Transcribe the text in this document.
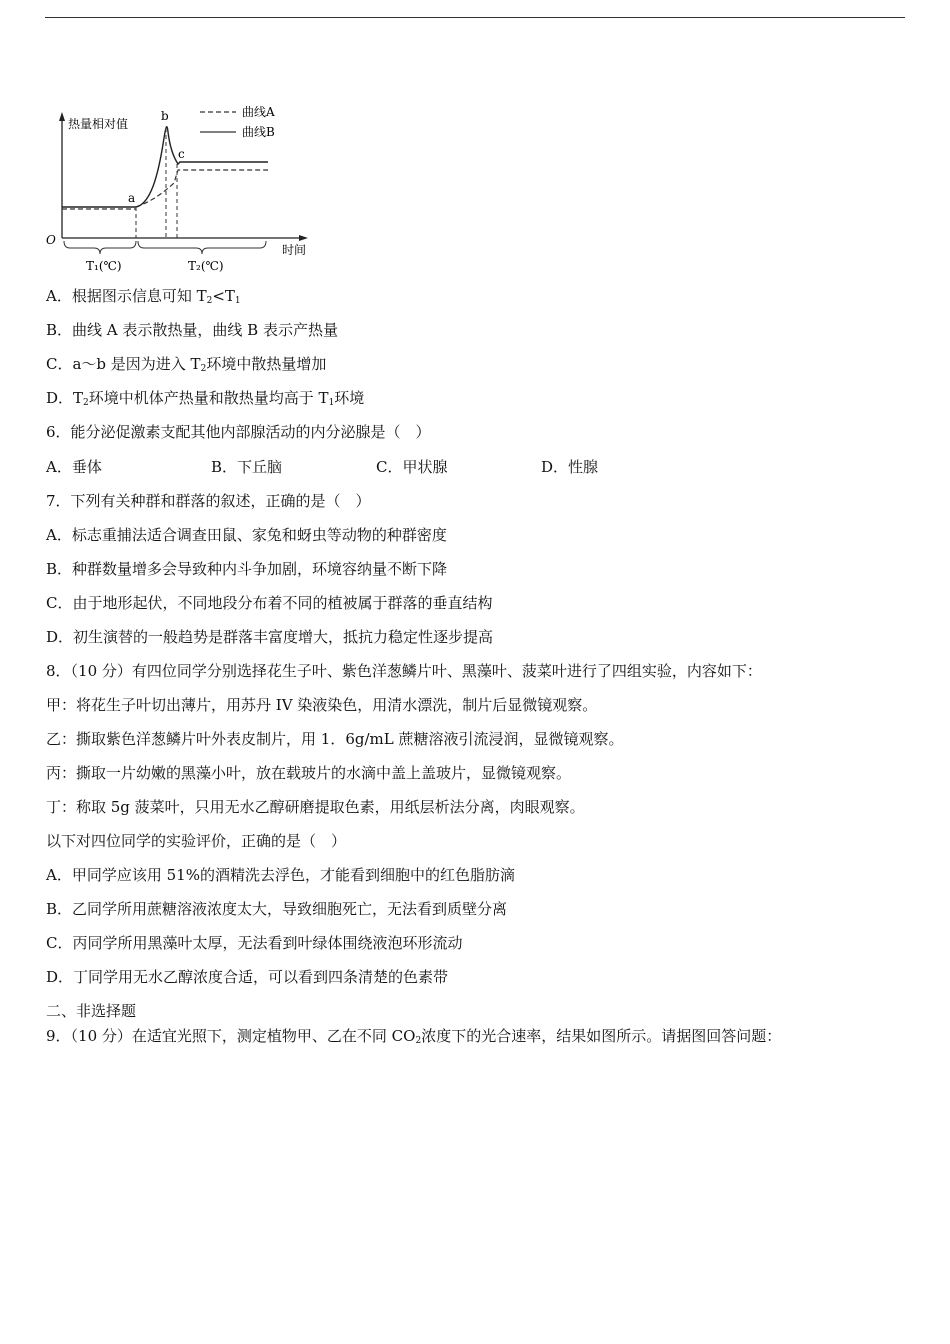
热量相对值
时间
O
曲线A
曲线B
a
b
c
T₁(℃)	T₂(℃)
A．根据图示信息可知 $T_2<T_1$
B．曲线 A 表示散热量，曲线 B 表示产热量
C．a～b 是因为进入 $T_2$环境中散热量增加
D．$T_2$环境中机体产热量和散热量均高于 $T_1$环境
6．能分泌促激素支配其他内部腺活动的内分泌腺是（　）
A．垂体	B．下丘脑	C．甲状腺	D．性腺
7．下列有关种群和群落的叙述，正确的是（　）
A．标志重捕法适合调查田鼠、家兔和蚜虫等动物的种群密度
B．种群数量增多会导致种内斗争加剧，环境容纳量不断下降
C．由于地形起伏，不同地段分布着不同的植被属于群落的垂直结构
D．初生演替的一般趋势是群落丰富度增大，抵抗力稳定性逐步提高
8．（10 分）有四位同学分别选择花生子叶、紫色洋葱鳞片叶、黑藻叶、菠菜叶进行了四组实验，内容如下：
甲：将花生子叶切出薄片，用苏丹 IV 染液染色，用清水漂洗，制片后显微镜观察。
乙：撕取紫色洋葱鳞片叶外表皮制片，用 1．6g/mL 蔗糖溶液引流浸润，显微镜观察。
丙：撕取一片幼嫩的黑藻小叶，放在载玻片的水滴中盖上盖玻片，显微镜观察。
丁：称取 5g 菠菜叶，只用无水乙醇研磨提取色素，用纸层析法分离，肉眼观察。
以下对四位同学的实验评价，正确的是（　）
A．甲同学应该用 51%的酒精洗去浮色，才能看到细胞中的红色脂肪滴
B．乙同学所用蔗糖溶液浓度太大，导致细胞死亡，无法看到质壁分离
C．丙同学所用黑藻叶太厚，无法看到叶绿体围绕液泡环形流动
D．丁同学用无水乙醇浓度合适，可以看到四条清楚的色素带
二、非选择题
9．（10 分）在适宜光照下，测定植物甲、乙在不同 $CO_2$浓度下的光合速率，结果如图所示。请据图回答问题：
